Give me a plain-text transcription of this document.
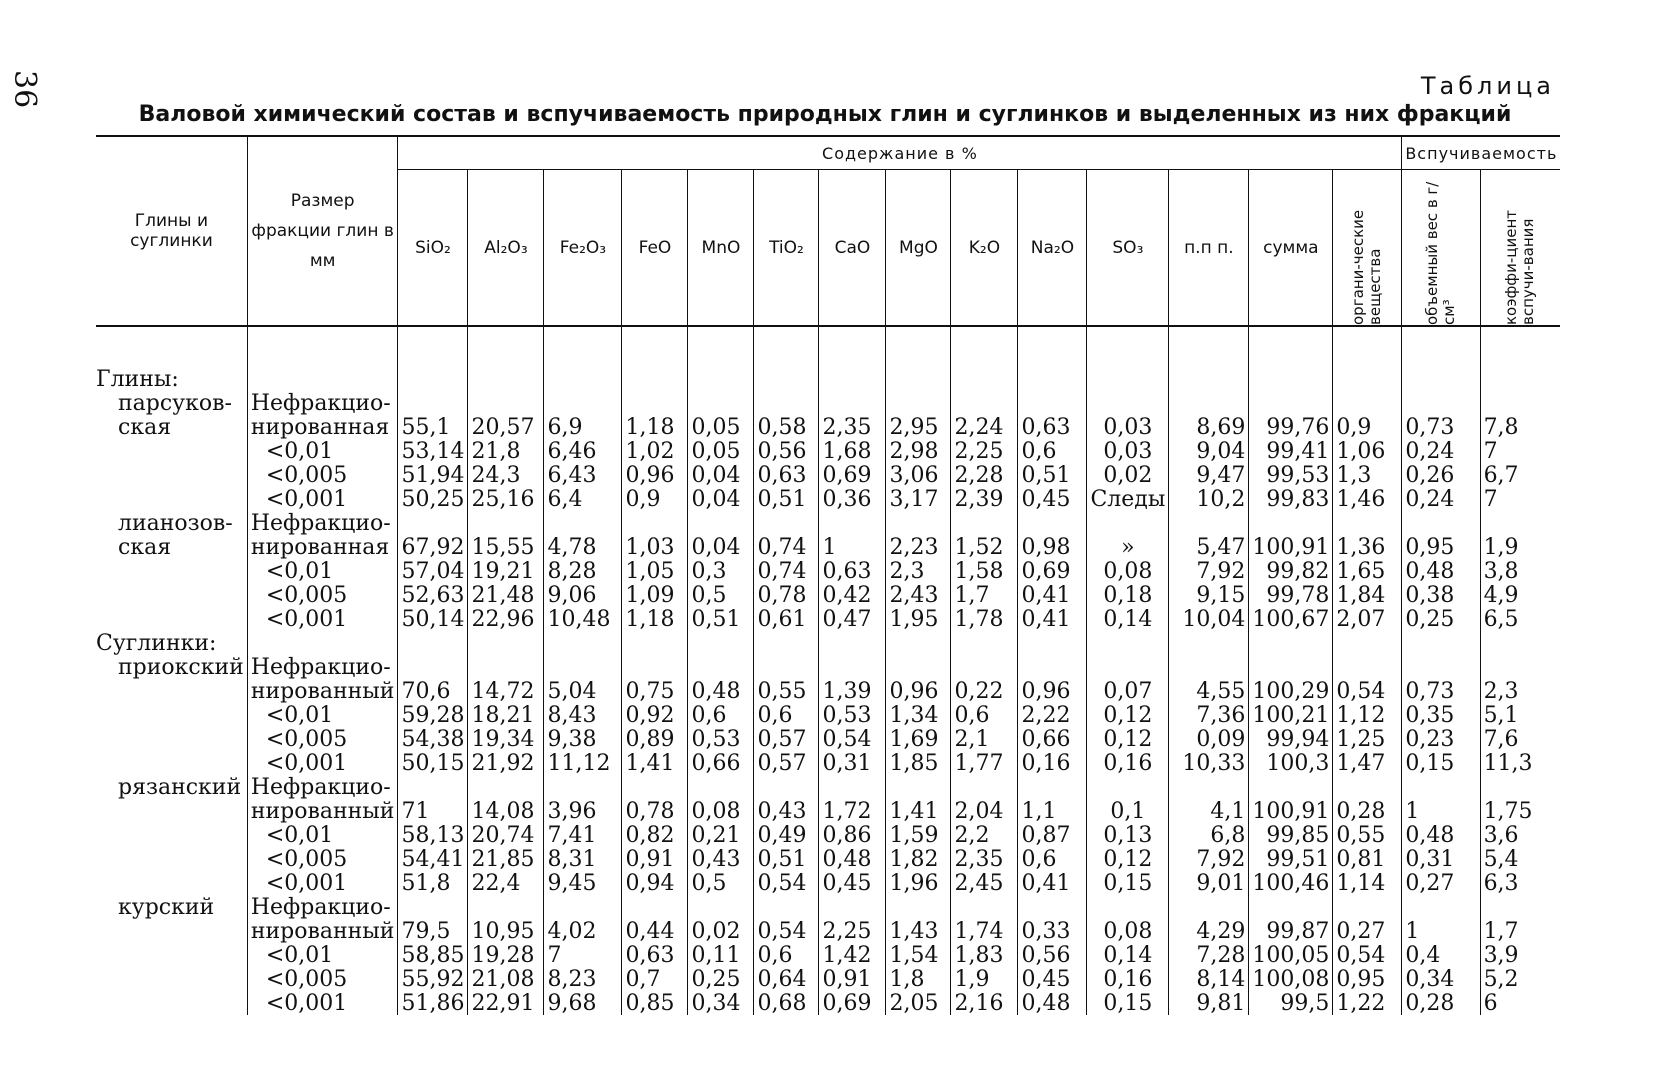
36	Таблица
Валовой химический состав и вспучиваемость природных глин и суглинков и выделенных из них фракций
Глины и суглинки	Размер фракции глин в мм	Содержание в %														Вспучиваемость	
		SiO₂	Al₂O₃	Fe₂O₃	FeO	MnO	TiO₂	CaO	MgO	K₂O	Na₂O	SO₃	п.п п.	сумма	органи-ческие вещества	объемный вес в г/см³	коэффи-циент вспучи-вания

Глины:																	
парсуков-	Нефракцио-																
ская	нированная	55,1	20,57	6,9	1,18	0,05	0,58	2,35	2,95	2,24	0,63	0,03	8,69	99,76	0,9	0,73	7,8
	<0,01	53,14	21,8	6,46	1,02	0,05	0,56	1,68	2,98	2,25	0,6	0,03	9,04	99,41	1,06	0,24	7
	<0,005	51,94	24,3	6,43	0,96	0,04	0,63	0,69	3,06	2,28	0,51	0,02	9,47	99,53	1,3	0,26	6,7
	<0,001	50,25	25,16	6,4	0,9	0,04	0,51	0,36	3,17	2,39	0,45	Следы	10,2	99,83	1,46	0,24	7
лианозов-	Нефракцио-																
ская	нированная	67,92	15,55	4,78	1,03	0,04	0,74	1	2,23	1,52	0,98	»	5,47	100,91	1,36	0,95	1,9
	<0,01	57,04	19,21	8,28	1,05	0,3	0,74	0,63	2,3	1,58	0,69	0,08	7,92	99,82	1,65	0,48	3,8
	<0,005	52,63	21,48	9,06	1,09	0,5	0,78	0,42	2,43	1,7	0,41	0,18	9,15	99,78	1,84	0,38	4,9
	<0,001	50,14	22,96	10,48	1,18	0,51	0,61	0,47	1,95	1,78	0,41	0,14	10,04	100,67	2,07	0,25	6,5
Суглинки:																	
приокский	Нефракцио-																
	нированный	70,6	14,72	5,04	0,75	0,48	0,55	1,39	0,96	0,22	0,96	0,07	4,55	100,29	0,54	0,73	2,3
	<0,01	59,28	18,21	8,43	0,92	0,6	0,6	0,53	1,34	0,6	2,22	0,12	7,36	100,21	1,12	0,35	5,1
	<0,005	54,38	19,34	9,38	0,89	0,53	0,57	0,54	1,69	2,1	0,66	0,12	0,09	99,94	1,25	0,23	7,6
	<0,001	50,15	21,92	11,12	1,41	0,66	0,57	0,31	1,85	1,77	0,16	0,16	10,33	100,3	1,47	0,15	11,3
рязанский	Нефракцио-																
	нированный	71	14,08	3,96	0,78	0,08	0,43	1,72	1,41	2,04	1,1	0,1	4,1	100,91	0,28	1	1,75
	<0,01	58,13	20,74	7,41	0,82	0,21	0,49	0,86	1,59	2,2	0,87	0,13	6,8	99,85	0,55	0,48	3,6
	<0,005	54,41	21,85	8,31	0,91	0,43	0,51	0,48	1,82	2,35	0,6	0,12	7,92	99,51	0,81	0,31	5,4
	<0,001	51,8	22,4	9,45	0,94	0,5	0,54	0,45	1,96	2,45	0,41	0,15	9,01	100,46	1,14	0,27	6,3
курский	Нефракцио-																
	нированный	79,5	10,95	4,02	0,44	0,02	0,54	2,25	1,43	1,74	0,33	0,08	4,29	99,87	0,27	1	1,7
	<0,01	58,85	19,28	7	0,63	0,11	0,6	1,42	1,54	1,83	0,56	0,14	7,28	100,05	0,54	0,4	3,9
	<0,005	55,92	21,08	8,23	0,7	0,25	0,64	0,91	1,8	1,9	0,45	0,16	8,14	100,08	0,95	0,34	5,2
	<0,001	51,86	22,91	9,68	0,85	0,34	0,68	0,69	2,05	2,16	0,48	0,15	9,81	99,5	1,22	0,28	6
